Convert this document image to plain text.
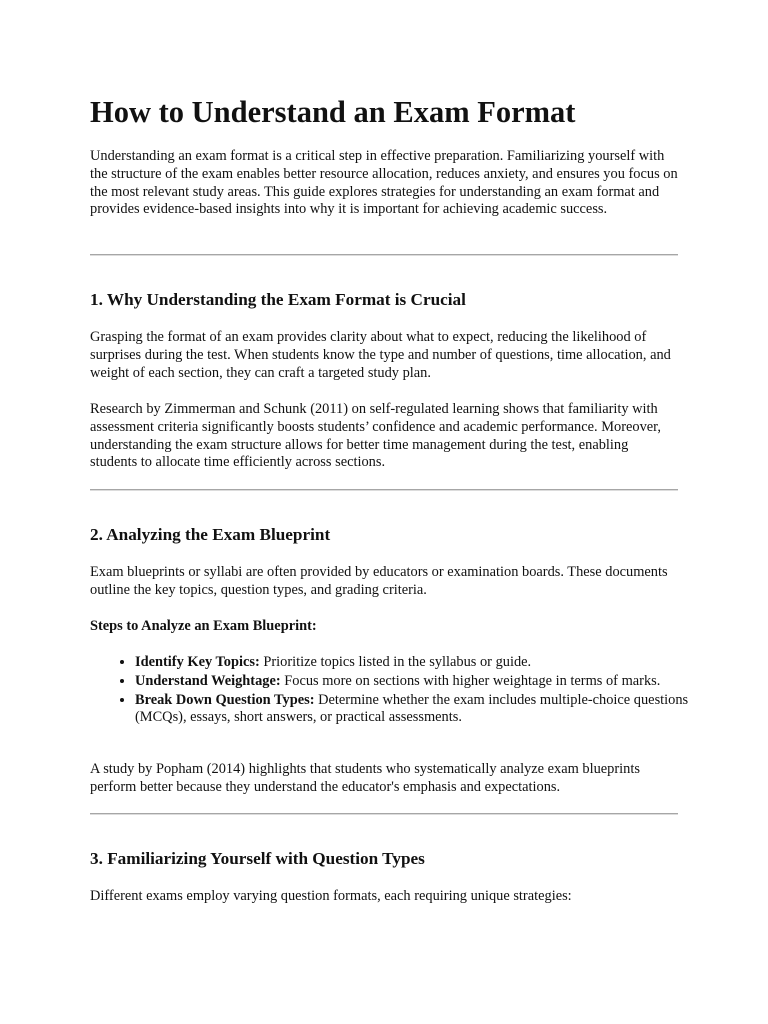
How to Understand an Exam Format

Understanding an exam format is a critical step in effective preparation. Familiarizing yourself with the structure of the exam enables better resource allocation, reduces anxiety, and ensures you focus on the most relevant study areas. This guide explores strategies for understanding an exam format and provides evidence-based insights into why it is important for achieving academic success.

1. Why Understanding the Exam Format is Crucial

Grasping the format of an exam provides clarity about what to expect, reducing the likelihood of surprises during the test. When students know the type and number of questions, time allocation, and weight of each section, they can craft a targeted study plan.

Research by Zimmerman and Schunk (2011) on self-regulated learning shows that familiarity with assessment criteria significantly boosts students’ confidence and academic performance. Moreover, understanding the exam structure allows for better time management during the test, enabling students to allocate time efficiently across sections.

2. Analyzing the Exam Blueprint

Exam blueprints or syllabi are often provided by educators or examination boards. These documents outline the key topics, question types, and grading criteria.

Steps to Analyze an Exam Blueprint:

• Identify Key Topics: Prioritize topics listed in the syllabus or guide.
• Understand Weightage: Focus more on sections with higher weightage in terms of marks.
• Break Down Question Types: Determine whether the exam includes multiple-choice questions (MCQs), essays, short answers, or practical assessments.

A study by Popham (2014) highlights that students who systematically analyze exam blueprints perform better because they understand the educator's emphasis and expectations.

3. Familiarizing Yourself with Question Types

Different exams employ varying question formats, each requiring unique strategies:
